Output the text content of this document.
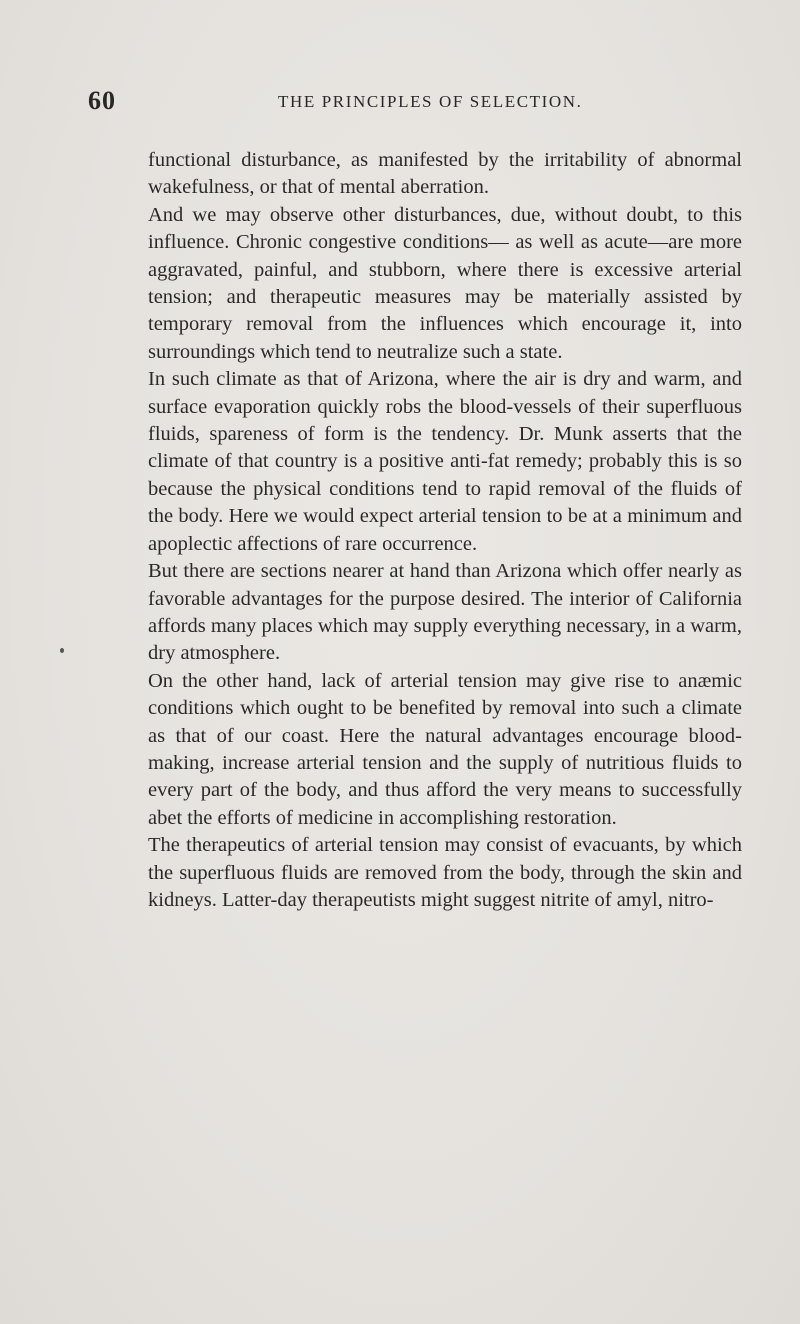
60	THE PRINCIPLES OF SELECTION.

functional disturbance, as manifested by the irritability of abnormal wakefulness, or that of mental aberration.

And we may observe other disturbances, due, without doubt, to this influence. Chronic congestive conditions— as well as acute—are more aggravated, painful, and stubborn, where there is excessive arterial tension; and therapeutic measures may be materially assisted by temporary removal from the influences which encourage it, into surroundings which tend to neutralize such a state.

In such climate as that of Arizona, where the air is dry and warm, and surface evaporation quickly robs the blood-vessels of their superfluous fluids, spareness of form is the tendency. Dr. Munk asserts that the climate of that country is a positive anti-fat remedy; probably this is so because the physical conditions tend to rapid removal of the fluids of the body. Here we would expect arterial tension to be at a minimum and apoplectic affections of rare occurrence.

But there are sections nearer at hand than Arizona which offer nearly as favorable advantages for the purpose desired. The interior of California affords many places which may supply everything necessary, in a warm, dry atmosphere.

On the other hand, lack of arterial tension may give rise to anæmic conditions which ought to be benefited by removal into such a climate as that of our coast. Here the natural advantages encourage blood-making, increase arterial tension and the supply of nutritious fluids to every part of the body, and thus afford the very means to successfully abet the efforts of medicine in accomplishing restoration.

The therapeutics of arterial tension may consist of evacuants, by which the superfluous fluids are removed from the body, through the skin and kidneys. Latter-day therapeutists might suggest nitrite of amyl, nitro-
